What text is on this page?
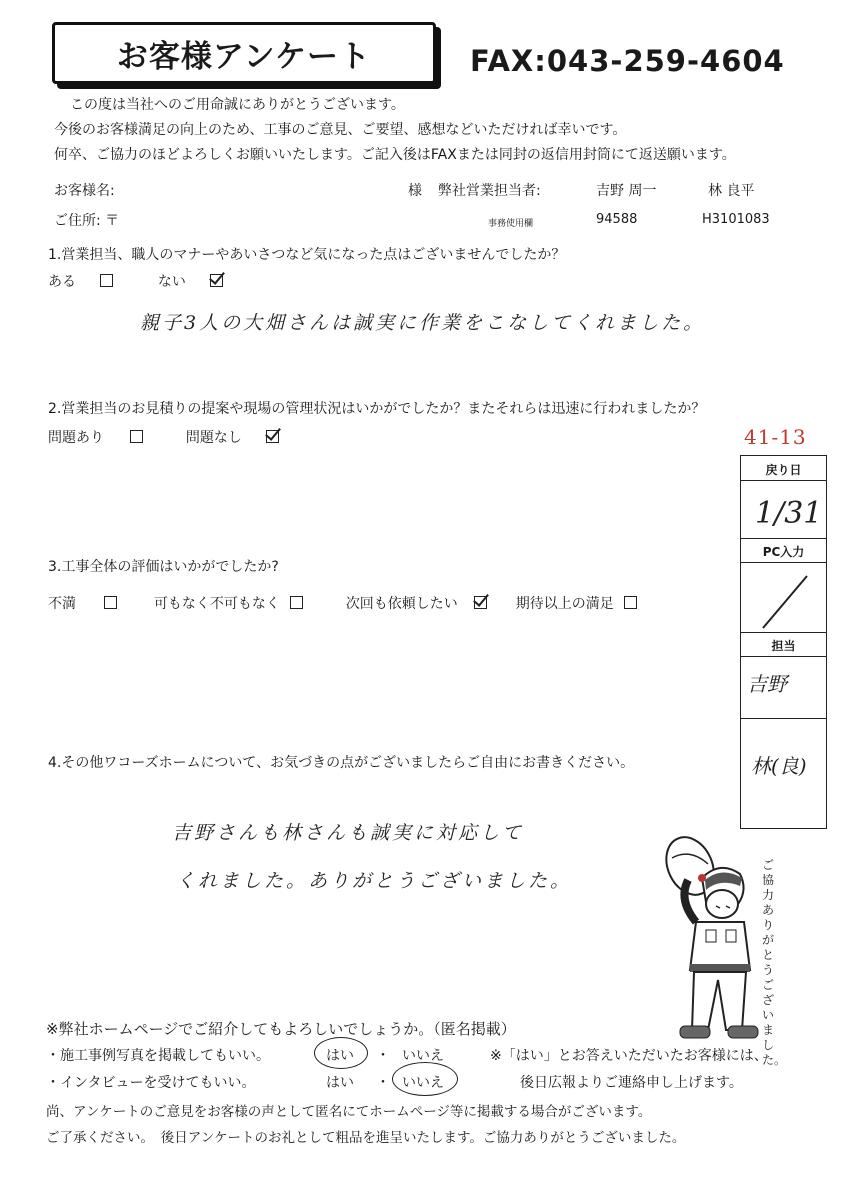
お客様アンケート	FAX:043-259-4604
この度は当社へのご用命誠にありがとうございます。
今後のお客様満足の向上のため、工事のご意見、ご要望、感想などいただければ幸いです。
何卒、ご協力のほどよろしくお願いいたします。ご記入後はFAXまたは同封の返信用封筒にて返送願います。
お客様名:	様 弊社営業担当者:	吉野 周一	林 良平
ご住所: 〒	事務使用欄	94588	H3101083
1.営業担当、職人のマナーやあいさつなど気になった点はございませんでしたか？
ある	ない
親子3人の大畑さんは誠実に作業をこなしてくれました。
2.営業担当のお見積りの提案や現場の管理状況はいかがでしたか？またそれらは迅速に行われましたか？
問題あり	問題なし
3.工事全体の評価はいかがでしたか?
不満	可もなく不可もなく	次回も依頼したい	期待以上の満足
4.その他ワコーズホームについて、お気づきの点がございましたらご自由にお書きください。
吉野さんも林さんも誠実に対応して
くれました。ありがとうございました。
41-13
戻り日
1/31
PC入力
担当
吉野
林(良)
ご協力ありがとうございました。
※弊社ホームページでご紹介してもよろしいでしょうか。（匿名掲載）
・施工事例写真を掲載してもいい。	はい ・ いいえ	※「はい」とお答えいただいたお客様には、
・インタビューを受けてもいい。	はい ・ いいえ	後日広報よりご連絡申し上げます。
尚、アンケートのご意見をお客様の声として匿名にてホームページ等に掲載する場合がございます。
ご了承ください。　後日アンケートのお礼として粗品を進呈いたします。ご協力ありがとうございました。
